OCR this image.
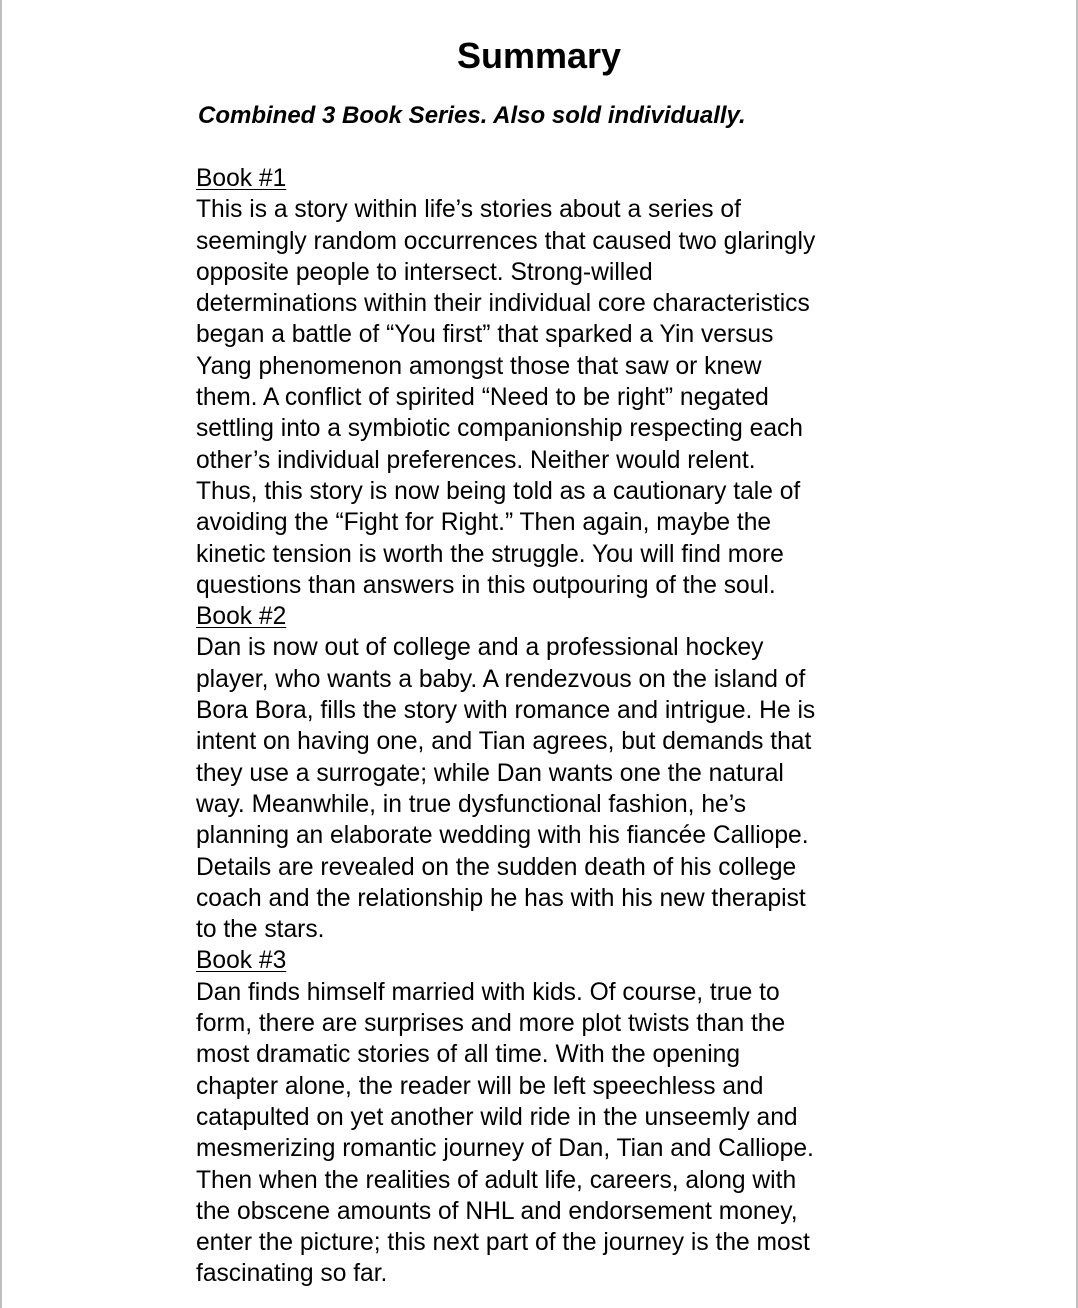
Summary

Combined 3 Book Series. Also sold individually.

Book #1
This is a story within life’s stories about a series of
seemingly random occurrences that caused two glaringly
opposite people to intersect. Strong-willed
determinations within their individual core characteristics
began a battle of “You first” that sparked a Yin versus
Yang phenomenon amongst those that saw or knew
them. A conflict of spirited “Need to be right” negated
settling into a symbiotic companionship respecting each
other’s individual preferences. Neither would relent.
Thus, this story is now being told as a cautionary tale of
avoiding the “Fight for Right.” Then again, maybe the
kinetic tension is worth the struggle. You will find more
questions than answers in this outpouring of the soul.
Book #2
Dan is now out of college and a professional hockey
player, who wants a baby. A rendezvous on the island of
Bora Bora, fills the story with romance and intrigue. He is
intent on having one, and Tian agrees, but demands that
they use a surrogate; while Dan wants one the natural
way. Meanwhile, in true dysfunctional fashion, he’s
planning an elaborate wedding with his fiancée Calliope.
Details are revealed on the sudden death of his college
coach and the relationship he has with his new therapist
to the stars.
Book #3
Dan finds himself married with kids. Of course, true to
form, there are surprises and more plot twists than the
most dramatic stories of all time. With the opening
chapter alone, the reader will be left speechless and
catapulted on yet another wild ride in the unseemly and
mesmerizing romantic journey of Dan, Tian and Calliope.
Then when the realities of adult life, careers, along with
the obscene amounts of NHL and endorsement money,
enter the picture; this next part of the journey is the most
fascinating so far.
